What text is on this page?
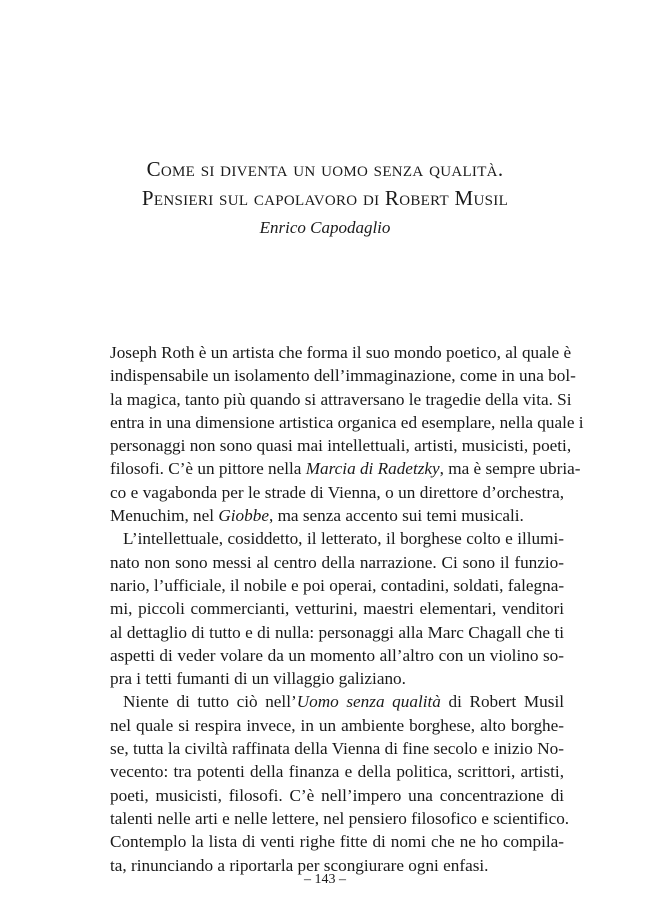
Come si diventa un uomo senza qualità.
Pensieri sul capolavoro di Robert Musil
Enrico Capodaglio
Joseph Roth è un artista che forma il suo mondo poetico, al quale è
indispensabile un isolamento dell’immaginazione, come in una bol-
la magica, tanto più quando si attraversano le tragedie della vita. Si
entra in una dimensione artistica organica ed esemplare, nella quale i
personaggi non sono quasi mai intellettuali, artisti, musicisti, poeti,
filosofi. C’è un pittore nella Marcia di Radetzky, ma è sempre ubria-
co e vagabonda per le strade di Vienna, o un direttore d’orchestra,
Menuchim, nel Giobbe, ma senza accento sui temi musicali.
L’intellettuale, cosiddetto, il letterato, il borghese colto e illumi-
nato non sono messi al centro della narrazione. Ci sono il funzio-
nario, l’ufficiale, il nobile e poi operai, contadini, soldati, falegna-
mi, piccoli commercianti, vetturini, maestri elementari, venditori
al dettaglio di tutto e di nulla: personaggi alla Marc Chagall che ti
aspetti di veder volare da un momento all’altro con un violino so-
pra i tetti fumanti di un villaggio galiziano.
Niente di tutto ciò nell’Uomo senza qualità di Robert Musil
nel quale si respira invece, in un ambiente borghese, alto borghe-
se, tutta la civiltà raffinata della Vienna di fine secolo e inizio No-
vecento: tra potenti della finanza e della politica, scrittori, artisti,
poeti, musicisti, filosofi. C’è nell’impero una concentrazione di
talenti nelle arti e nelle lettere, nel pensiero filosofico e scientifico.
Contemplo la lista di venti righe fitte di nomi che ne ho compila-
ta, rinunciando a riportarla per scongiurare ogni enfasi.
– 143 –
